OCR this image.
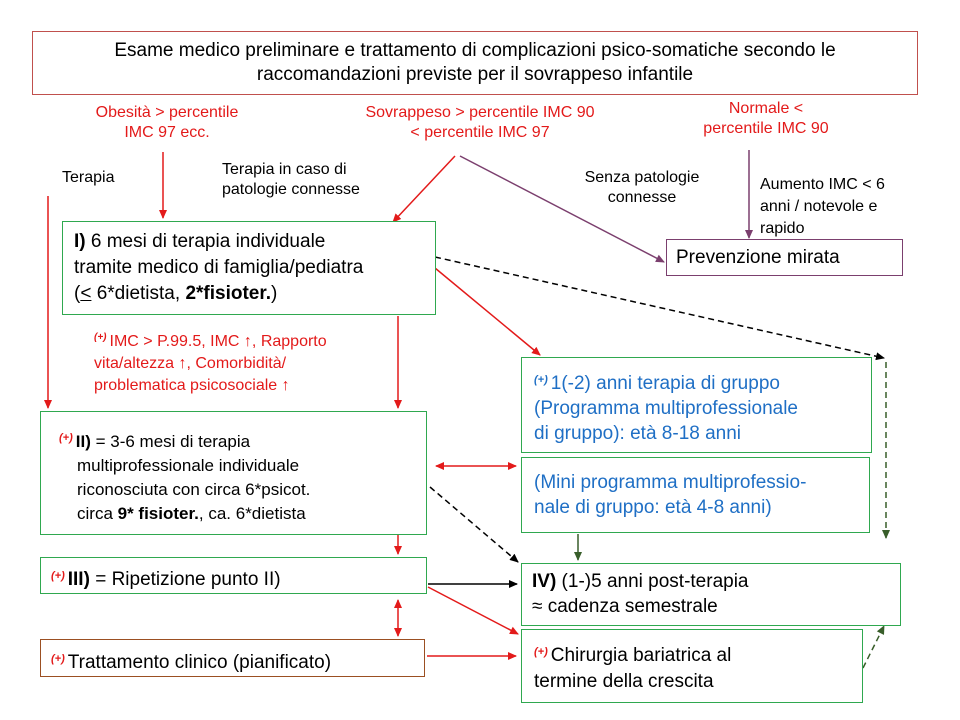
Esame medico preliminare e trattamento di complicazioni psico-somatiche secondo le
raccomandazioni previste per il sovrappeso infantile
Obesità > percentile
IMC 97 ecc.
Sovrappeso > percentile IMC 90
< percentile IMC 97
Normale <
percentile IMC 90
Terapia	Terapia in caso di
patologie connesse
Senza patologie
connesse
Aumento IMC < 6
anni / notevole e
rapido
(+) IMC > P.99.5, IMC ↑, Rapporto
vita/altezza ↑, Comorbidità/
problematica psicosociale ↑
I) 6 mesi di terapia individuale
tramite medico di famiglia/pediatra
(< 6*dietista, 2*fisioter.)
Prevenzione mirata
(+) 1(-2) anni terapia di gruppo
(Programma multiprofessionale
di gruppo): età 8-18 anni
(+) II) = 3-6 mesi di terapia
multiprofessionale individuale
riconosciuta con circa 6*psicot.
circa 9* fisioter., ca. 6*dietista
(Mini programma multiprofessio-
nale di gruppo: età 4-8 anni)
(+) III) = Ripetizione punto II)	IV) (1-)5 anni post-terapia
≈ cadenza semestrale
(+) Trattamento clinico (pianificato)	(+) Chirurgia bariatrica al
termine della crescita
